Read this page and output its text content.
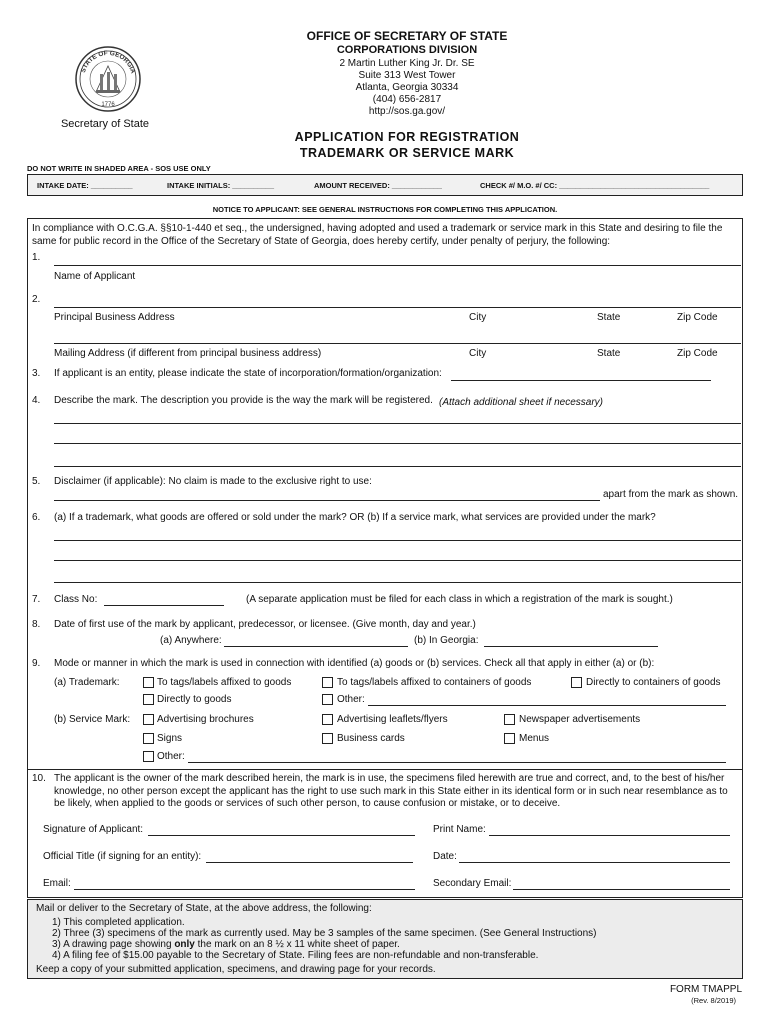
STATE OF GEORGIA
1776
Secretary of State
OFFICE OF SECRETARY OF STATE
CORPORATIONS DIVISION
2 Martin Luther King Jr. Dr. SE
Suite 313 West Tower
Atlanta, Georgia 30334
(404) 656-2817
http://sos.ga.gov/
APPLICATION FOR REGISTRATION
TRADEMARK OR SERVICE MARK
DO NOT WRITE IN SHADED AREA - SOS USE ONLY
INTAKE DATE: __________	INTAKE INITIALS: __________	AMOUNT RECEIVED: ____________	CHECK #/ M.O. #/ CC: ____________________________________
NOTICE TO APPLICANT: SEE GENERAL INSTRUCTIONS FOR COMPLETING THIS APPLICATION.
In compliance with O.C.G.A. §§10-1-440 et seq., the undersigned, having adopted and used a trademark or service mark in this State and desiring to file the same for public record in the Office of the Secretary of State of Georgia, does hereby certify, under penalty of perjury, the following:
1.
Name of Applicant
2.
Principal Business Address	City	State	Zip Code
Mailing Address (if different from principal business address)	City	State	Zip Code
3. If applicant is an entity, please indicate the state of incorporation/formation/organization:
4. Describe the mark. The description you provide is the way the mark will be registered. (Attach additional sheet if necessary)
5. Disclaimer (if applicable): No claim is made to the exclusive right to use:
apart from the mark as shown.
6. (a) If a trademark, what goods are offered or sold under the mark? OR (b) If a service mark, what services are provided under the mark?
7. Class No:	(A separate application must be filed for each class in which a registration of the mark is sought.)
8. Date of first use of the mark by applicant, predecessor, or licensee. (Give month, day and year.)
(a) Anywhere:	(b) In Georgia:
9. Mode or manner in which the mark is used in connection with identified (a) goods or (b) services. Check all that apply in either (a) or (b):
(a) Trademark:	To tags/labels affixed to goods	To tags/labels affixed to containers of goods	Directly to containers of goods
Directly to goods	Other:
(b) Service Mark:	Advertising brochures	Advertising leaflets/flyers	Newspaper advertisements
Signs	Business cards	Menus
Other:
10. The applicant is the owner of the mark described herein, the mark is in use, the specimens filed herewith are true and correct, and, to the best of his/her knowledge, no other person except the applicant has the right to use such mark in this State either in its identical form or in such near resemblance as to be likely, when applied to the goods or services of such other person, to cause confusion or mistake, or to deceive.
Signature of Applicant:	Print Name:
Official Title (if signing for an entity):	Date:
Email:	Secondary Email:
Mail or deliver to the Secretary of State, at the above address, the following:
1) This completed application.
2) Three (3) specimens of the mark as currently used. May be 3 samples of the same specimen. (See General Instructions)
3) A drawing page showing only the mark on an 8 ½ x 11 white sheet of paper.
4) A filing fee of $15.00 payable to the Secretary of State. Filing fees are non-refundable and non-transferable.
Keep a copy of your submitted application, specimens, and drawing page for your records.
FORM TMAPPL
(Rev. 8/2019)
